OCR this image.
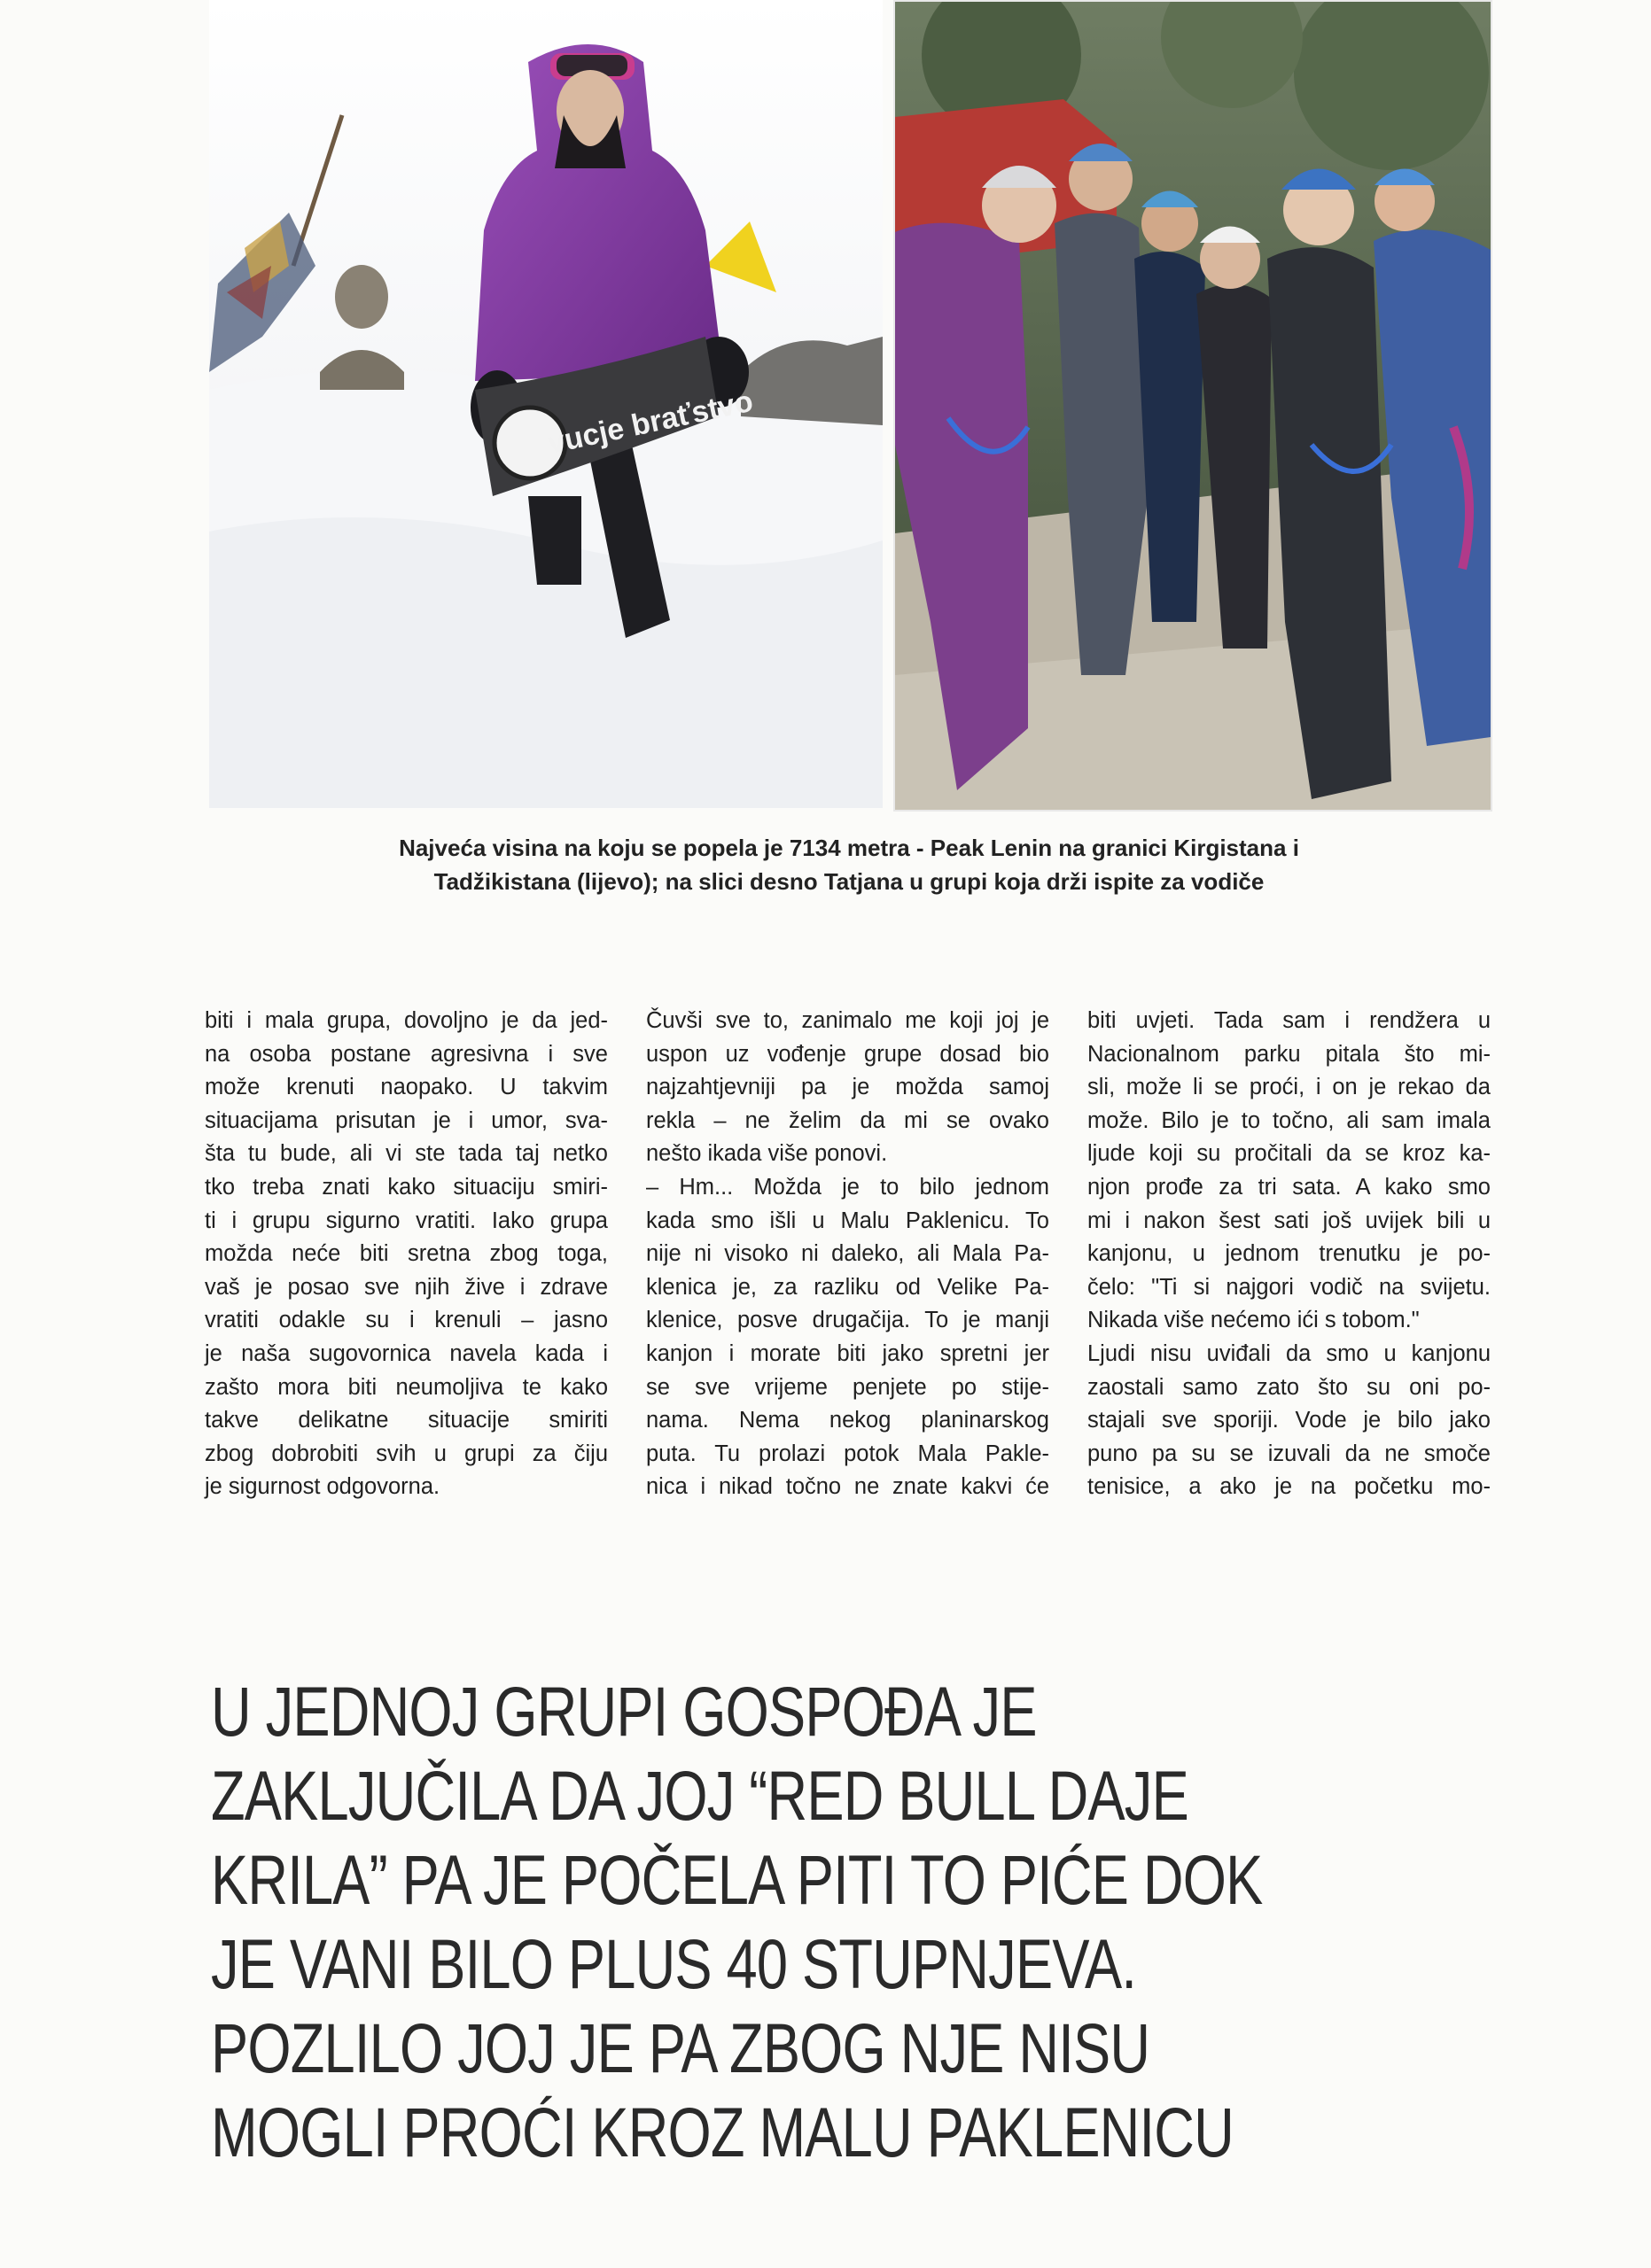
vucje braťstvo
Najveća visina na koju se popela je 7134 metra - Peak Lenin na granici Kirgistana i
Tadžikistana (lijevo); na slici desno Tatjana u grupi koja drži ispite za vodiče
biti i mala grupa, dovoljno je da jed-
na osoba postane agresivna i sve
može krenuti naopako. U takvim
situacijama prisutan je i umor, sva-
šta tu bude, ali vi ste tada taj netko
tko treba znati kako situaciju smiri-
ti i grupu sigurno vratiti. Iako grupa
možda neće biti sretna zbog toga,
vaš je posao sve njih žive i zdrave
vratiti odakle su i krenuli – jasno
je naša sugovornica navela kada i
zašto mora biti neumoljiva te kako
takve delikatne situacije smiriti
zbog dobrobiti svih u grupi za čiju
je sigurnost odgovorna.
Čuvši sve to, zanimalo me koji joj je
uspon uz vođenje grupe dosad bio
najzahtjevniji pa je možda samoj
rekla – ne želim da mi se ovako
nešto ikada više ponovi.
– Hm... Možda je to bilo jednom
kada smo išli u Malu Paklenicu. To
nije ni visoko ni daleko, ali Mala Pa-
klenica je, za razliku od Velike Pa-
klenice, posve drugačija. To je manji
kanjon i morate biti jako spretni jer
se sve vrijeme penjete po stije-
nama. Nema nekog planinarskog
puta. Tu prolazi potok Mala Pakle-
nica i nikad točno ne znate kakvi će
biti uvjeti. Tada sam i rendžera u
Nacionalnom parku pitala što mi-
sli, može li se proći, i on je rekao da
može. Bilo je to točno, ali sam imala
ljude koji su pročitali da se kroz ka-
njon prođe za tri sata. A kako smo
mi i nakon šest sati još uvijek bili u
kanjonu, u jednom trenutku je po-
čelo: "Ti si najgori vodič na svijetu.
Nikada više nećemo ići s tobom."
Ljudi nisu uviđali da smo u kanjonu
zaostali samo zato što su oni po-
stajali sve sporiji. Vode je bilo jako
puno pa su se izuvali da ne smoče
tenisice, a ako je na početku mo-
U JEDNOJ GRUPI GOSPOĐA JE
ZAKLJUČILA DA JOJ “RED BULL DAJE
KRILA” PA JE POČELA PITI TO PIĆE DOK
JE VANI BILO PLUS 40 STUPNJEVA.
POZLILO JOJ JE PA ZBOG NJE NISU
MOGLI PROĆI KROZ MALU PAKLENICU
